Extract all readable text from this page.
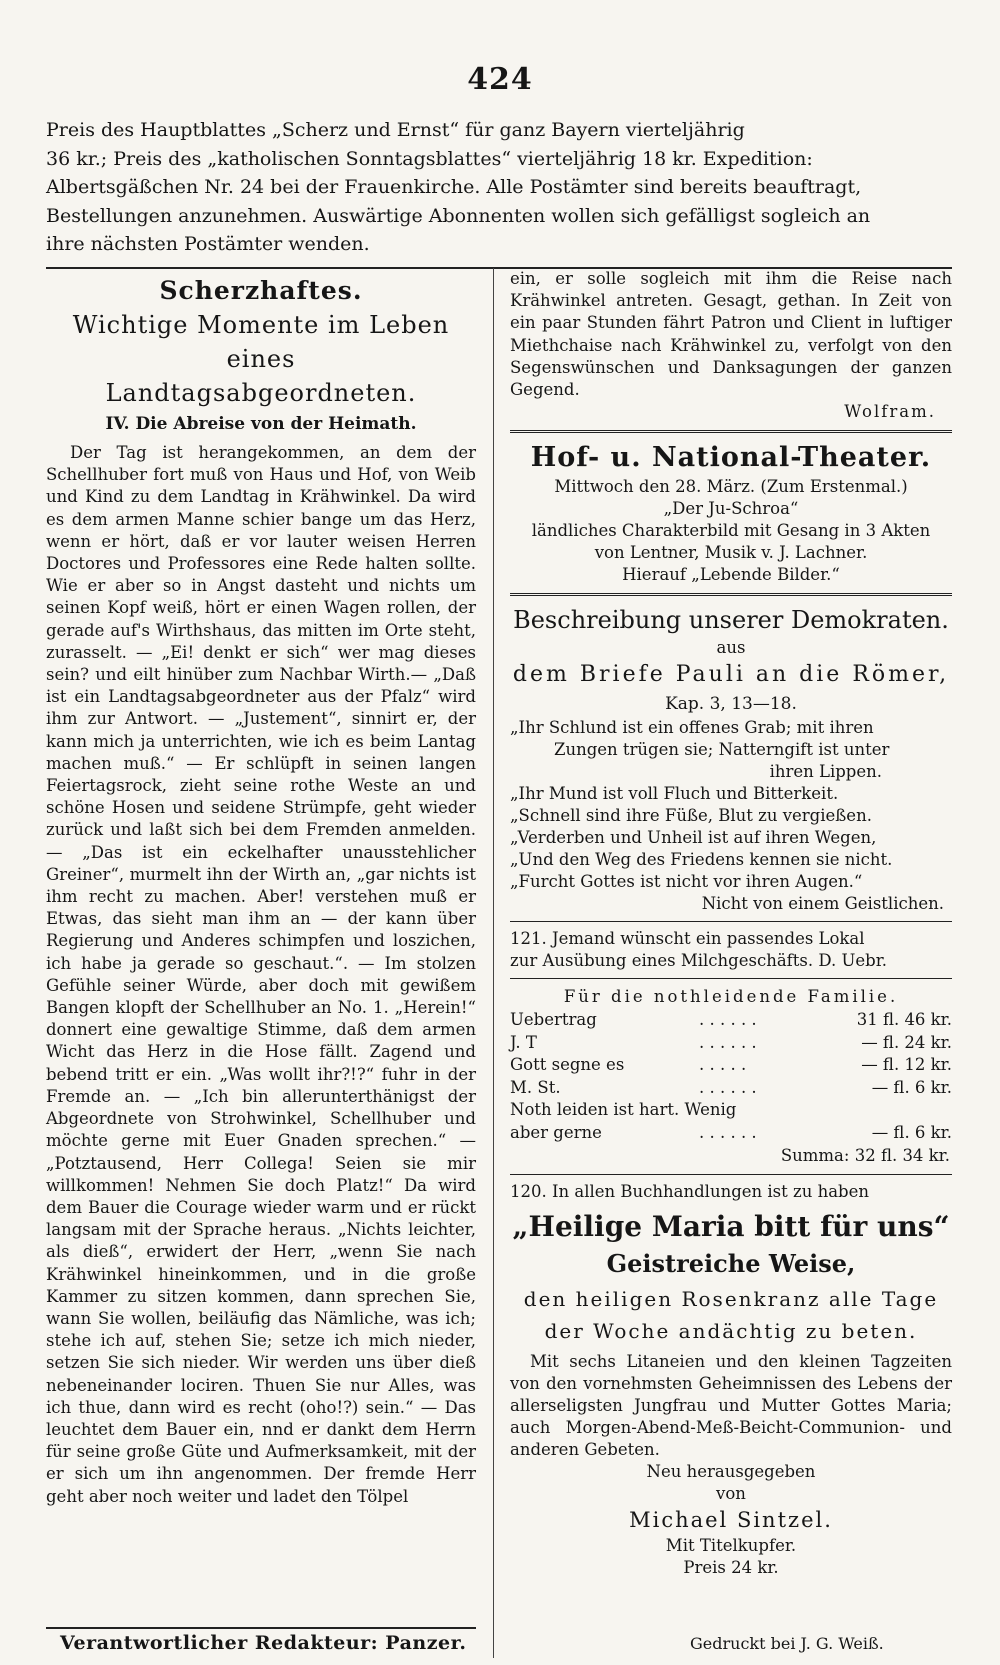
424

Preis des Hauptblattes „Scherz und Ernst“ für ganz Bayern vierteljährig

36 kr.; Preis des „katholischen Sonntagsblattes“ vierteljährig 18 kr. Expedition:

Albertsgäßchen Nr. 24 bei der Frauenkirche. Alle Postämter sind bereits beauftragt,

Bestellungen anzunehmen. Auswärtige Abonnenten wollen sich gefälligst sogleich an

ihre nächsten Postämter wenden.

Scherzhaftes.
Wichtige Momente im Leben eines
Landtagsabgeordneten.
IV. Die Abreise von der Heimath.

Der Tag ist herangekommen, an dem der Schellhuber fort muß von Haus und Hof, von Weib und Kind zu dem Landtag in Krähwinkel. Da wird es dem armen Manne schier bange um das Herz, wenn er hört, daß er vor lauter weisen Herren Doctores und Professores eine Rede halten sollte. Wie er aber so in Angst dasteht und nichts um seinen Kopf weiß, hört er einen Wagen rollen, der gerade auf's Wirthshaus, das mitten im Orte steht, zurasselt. — „Ei! denkt er sich“ wer mag dieses sein? und eilt hinüber zum Nachbar Wirth.— „Daß ist ein Landtagsabgeordneter aus der Pfalz“ wird ihm zur Antwort. — „Justement“, sinnirt er, der kann mich ja unterrichten, wie ich es beim Lantag machen muß.“ — Er schlüpft in seinen langen Feiertagsrock, zieht seine rothe Weste an und schöne Hosen und seidene Strümpfe, geht wieder zurück und laßt sich bei dem Fremden anmelden. — „Das ist ein eckelhafter unausstehlicher Greiner“, murmelt ihn der Wirth an, „gar nichts ist ihm recht zu machen. Aber! verstehen muß er Etwas, das sieht man ihm an — der kann über Regierung und Anderes schimpfen und loszichen, ich habe ja gerade so geschaut.“. — Im stolzen Gefühle seiner Würde, aber doch mit gewißem Bangen klopft der Schellhuber an No. 1. „Herein!“ donnert eine gewaltige Stimme, daß dem armen Wicht das Herz in die Hose fällt. Zagend und bebend tritt er ein. „Was wollt ihr?!?“ fuhr in der Fremde an. — „Ich bin allerunterthänigst der Abgeordnete von Strohwinkel, Schellhuber und möchte gerne mit Euer Gnaden sprechen.“ — „Potztausend, Herr Collega! Seien sie mir willkommen! Nehmen Sie doch Platz!“ Da wird dem Bauer die Courage wieder warm und er rückt langsam mit der Sprache heraus. „Nichts leichter, als dieß“, erwidert der Herr, „wenn Sie nach Krähwinkel hineinkommen, und in die große Kammer zu sitzen kommen, dann sprechen Sie, wann Sie wollen, beiläufig das Nämliche, was ich; stehe ich auf, stehen Sie; setze ich mich nieder, setzen Sie sich nieder. Wir werden uns über dieß nebeneinander lociren. Thuen Sie nur Alles, was ich thue, dann wird es recht (oho!?) sein.“ — Das leuchtet dem Bauer ein, nnd er dankt dem Herrn für seine große Güte und Aufmerksamkeit, mit der er sich um ihn angenommen. Der fremde Herr geht aber noch weiter und ladet den Tölpel

ein, er solle sogleich mit ihm die Reise nach Krähwinkel antreten. Gesagt, gethan. In Zeit von ein paar Stunden fährt Patron und Client in luftiger Miethchaise nach Krähwinkel zu, verfolgt von den Segenswünschen und Danksagungen der ganzen Gegend.

Wolfram.
Hof- u. National-Theater.
Mittwoch den 28. März. (Zum Erstenmal.)
„Der Ju-Schroa“
ländliches Charakterbild mit Gesang in 3 Akten
von Lentner, Musik v. J. Lachner.
Hierauf „Lebende Bilder.“
Beschreibung unserer Demokraten.
aus
dem Briefe Pauli an die Römer,
Kap. 3, 13—18.

„Ihr Schlund ist ein offenes Grab; mit ihren

Zungen trügen sie; Natterngift ist unter

ihren Lippen.

„Ihr Mund ist voll Fluch und Bitterkeit.

„Schnell sind ihre Füße, Blut zu vergießen.

„Verderben und Unheil ist auf ihren Wegen,

„Und den Weg des Friedens kennen sie nicht.

„Furcht Gottes ist nicht vor ihren Augen.“

Nicht von einem Geistlichen.

121. Jemand wünscht ein passendes Lokal

zur Ausübung eines Milchgeschäfts. D. Uebr.

Für die nothleidende Familie.
Uebertrag	. . . . . .	31 fl. 46 kr.
J. T	. . . . . .	— fl. 24 kr.
Gott segne es	. . . . .	— fl. 12 kr.
M. St.	. . . . . .	— fl. 6 kr.
Noth leiden ist hart. Wenig		
aber gerne	. . . . . .	— fl. 6 kr.
Summa: 32 fl. 34 kr.

120. In allen Buchhandlungen ist zu haben

„Heilige Maria bitt für uns“
Geistreiche Weise,
den heiligen Rosenkranz alle Tage
der Woche andächtig zu beten.

Mit sechs Litaneien und den kleinen Tagzeiten von den vornehmsten Geheimnissen des Lebens der allerseligsten Jungfrau und Mutter Gottes Maria; auch Morgen-Abend-Meß-Beicht-Communion- und anderen Gebeten.

Neu herausgegeben
von
Michael Sintzel.
Mit Titelkupfer.
Preis 24 kr.
Verantwortlicher Redakteur: Panzer.	Gedruckt bei J. G. Weiß.
